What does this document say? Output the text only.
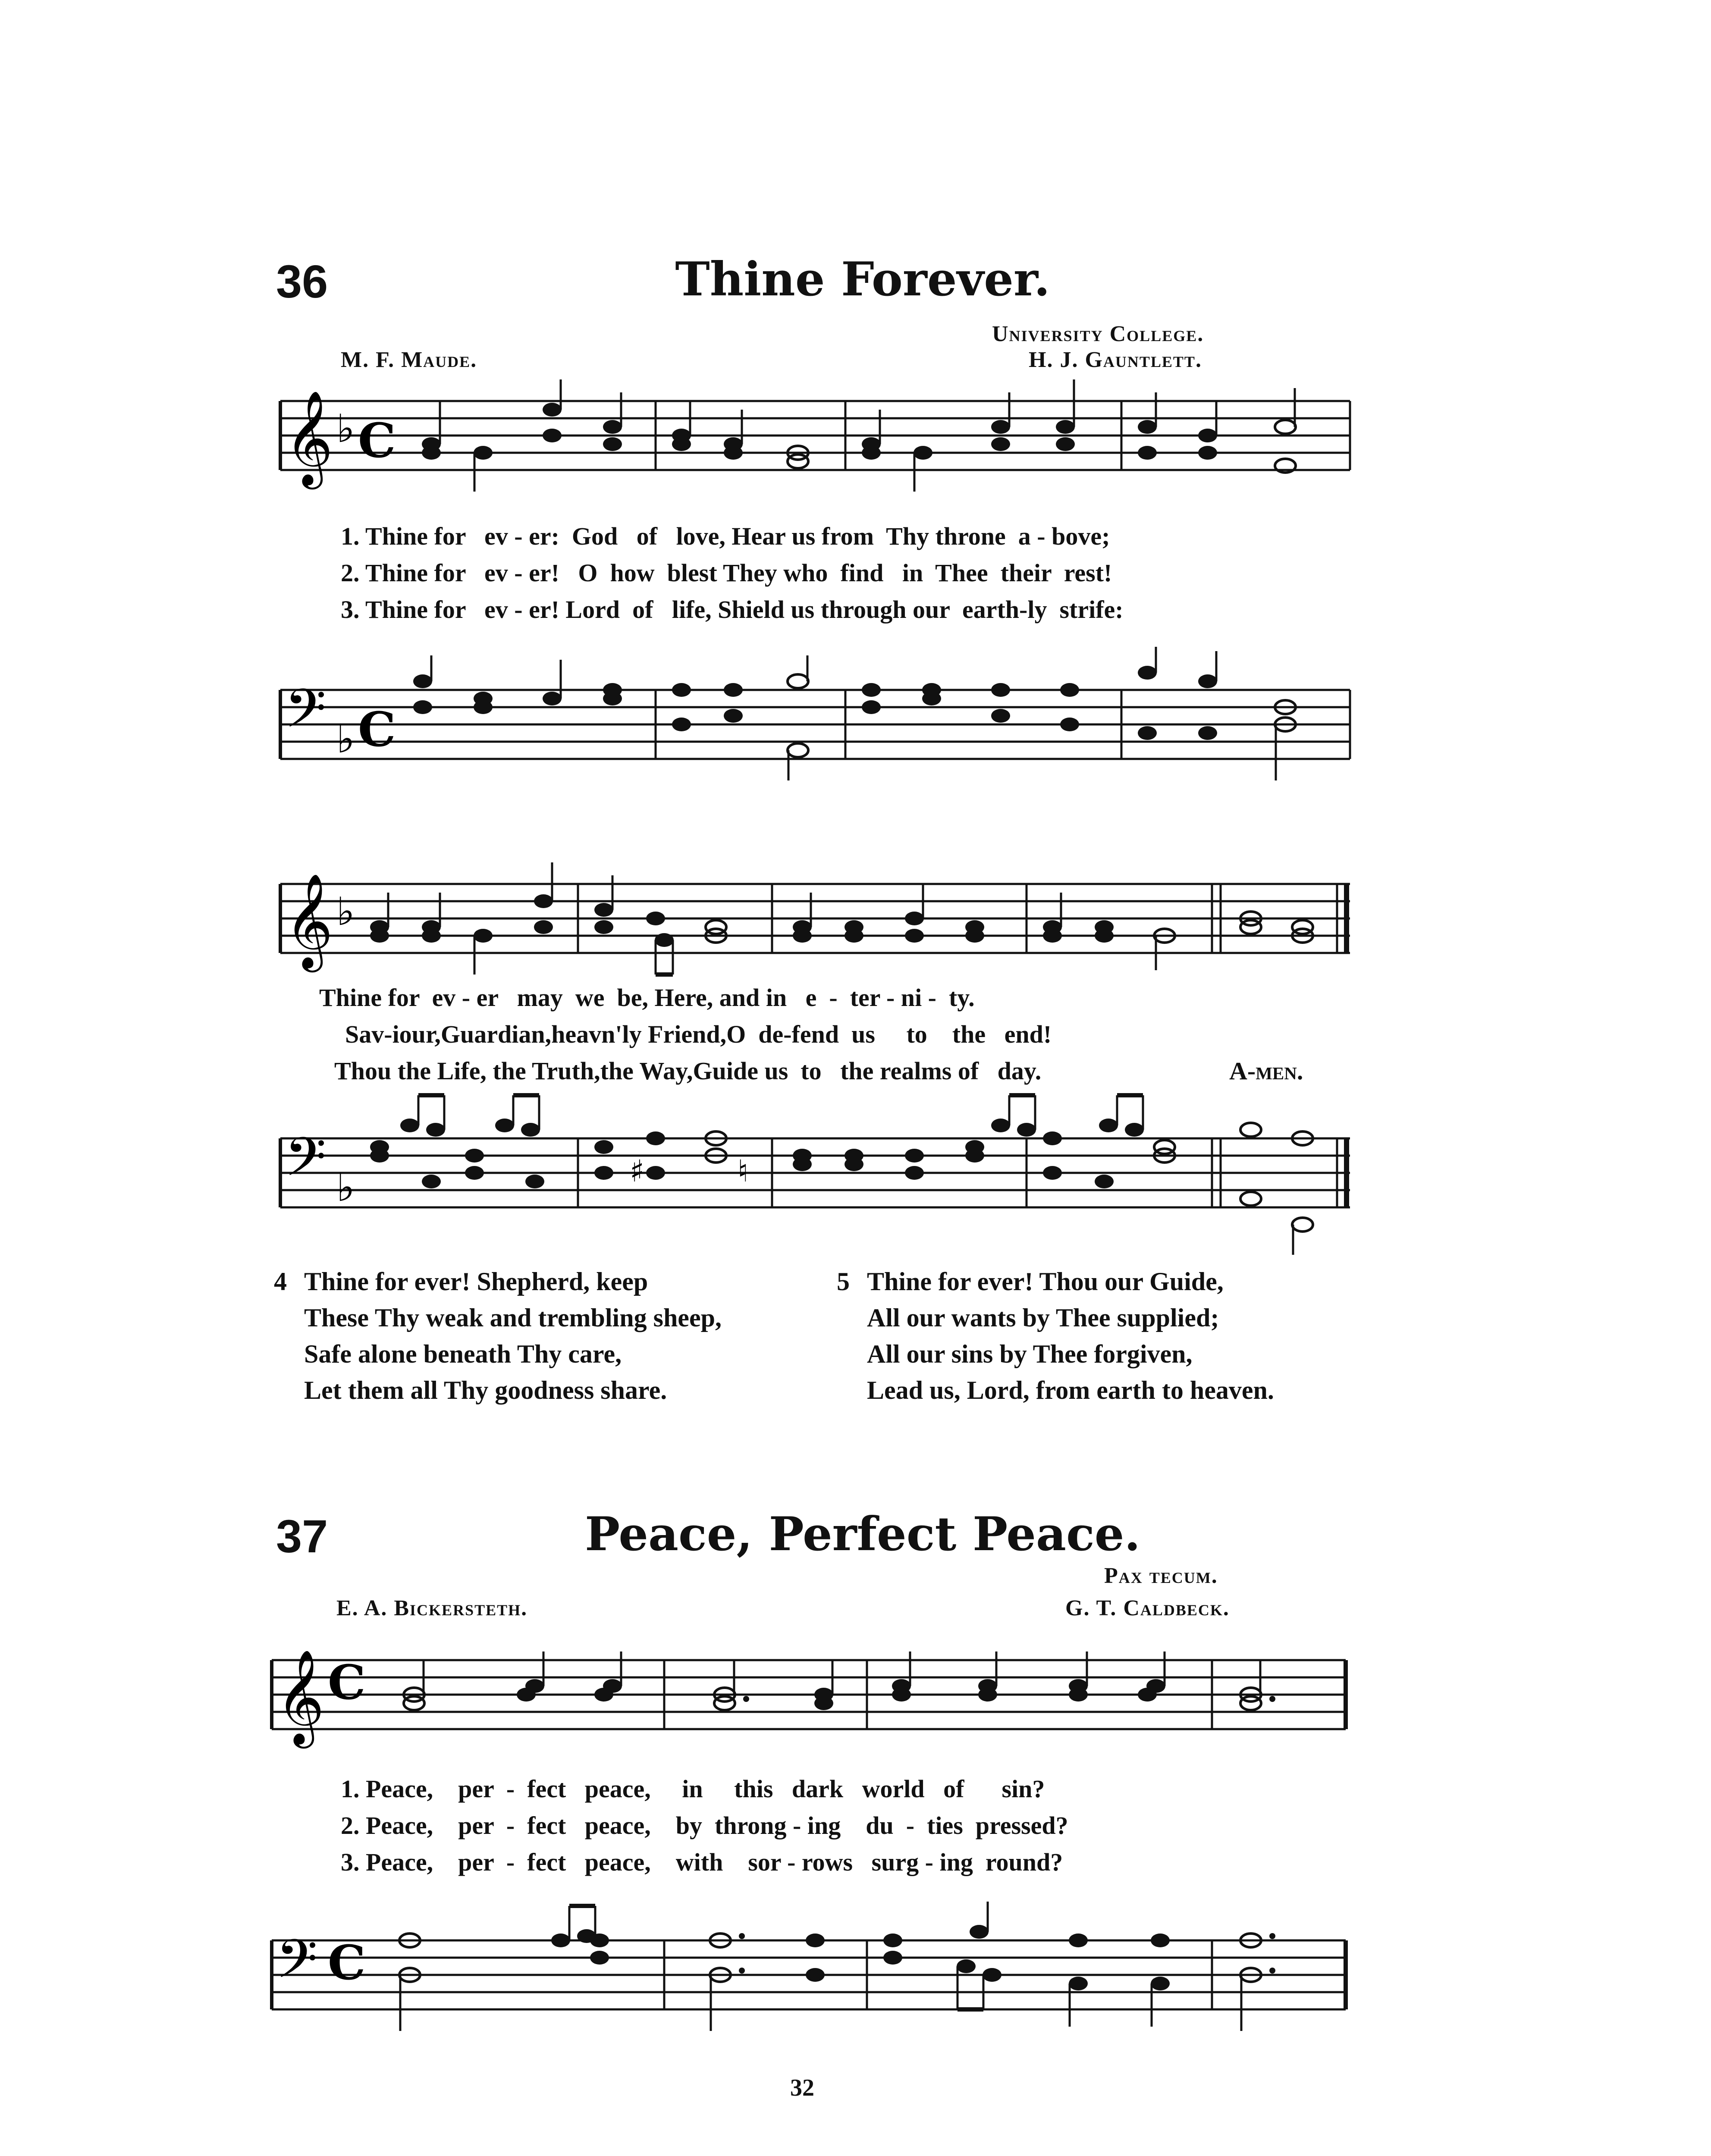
36	Thine Forever.
University College.
M. F. Maude.	H. J. Gauntlett.
𝄞 ♭ C
1. Thine for   ev - er:  God   of   love, Hear us from  Thy throne  a - bove;
2. Thine for   ev - er!   O  how  blest They who  find   in  Thee  their  rest!
3. Thine for   ev - er! Lord  of   life, Shield us through our  earth-ly  strife:
𝄢 ♭ C
𝄞 ♭
Thine for  ev - er   may  we  be, Here, and in   e  -  ter - ni -  ty.
Sav-iour,Guardian,heavn'ly Friend,O  de-fend  us     to    the   end!
Thou the Life, the Truth,the Way,Guide us  to   the realms of   day.	A-men.
𝄢 ♭	♯	♮
4 Thine for ever! Shepherd, keep
These Thy weak and trembling sheep,
Safe alone beneath Thy care,
Let them all Thy goodness share.
5 Thine for ever! Thou our Guide,
All our wants by Thee supplied;
All our sins by Thee forgiven,
Lead us, Lord, from earth to heaven.
37	Peace, Perfect Peace.
Pax tecum.
E. A. Bickersteth.	G. T. Caldbeck.
𝄞 C
1. Peace,    per  -  fect   peace,     in     this   dark   world   of      sin?
2. Peace,    per  -  fect   peace,    by  throng - ing    du  -  ties  pressed?
3. Peace,    per  -  fect   peace,    with    sor - rows   surg - ing  round?
𝄢 C
32
